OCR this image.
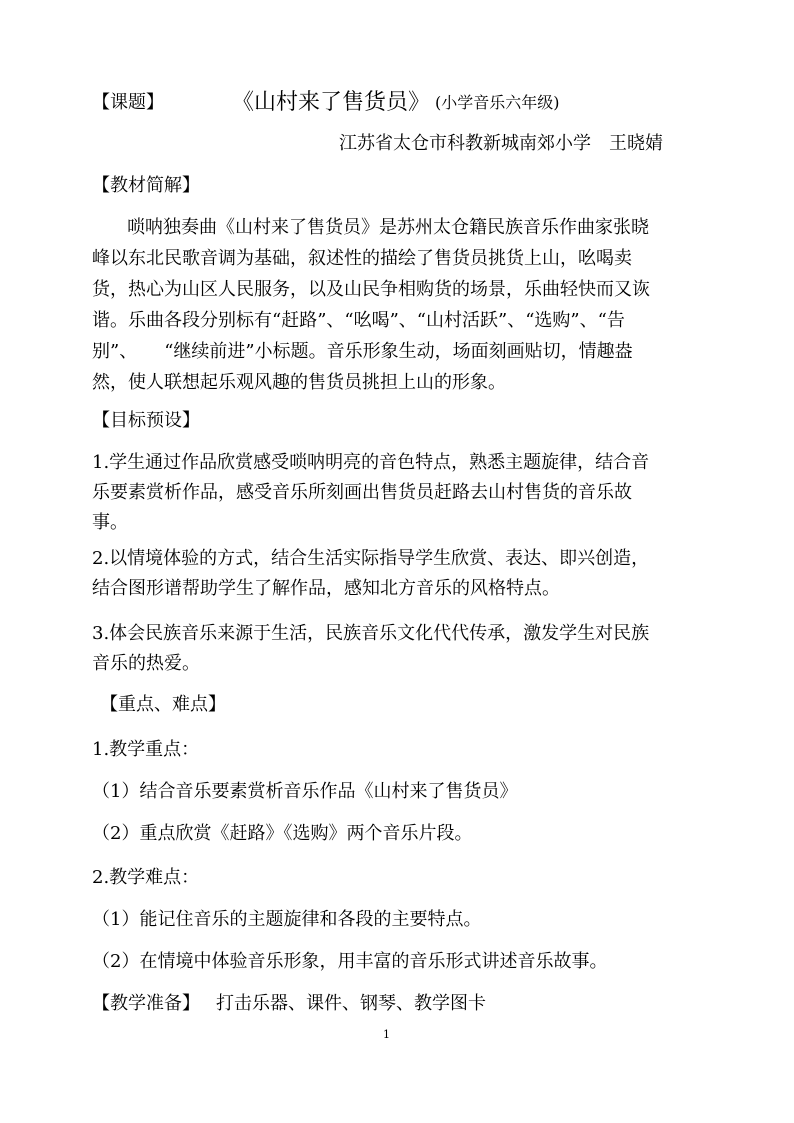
【课题】	《山村来了售货员》 (小学音乐六年级)
江苏省太仓市科教新城南郊小学　王晓婧
【教材简解】
唢呐独奏曲《山村来了售货员》是苏州太仓籍民族音乐作曲家张晓
峰以东北民歌音调为基础，叙述性的描绘了售货员挑货上山，吆喝卖
货，热心为山区人民服务，以及山民争相购货的场景，乐曲轻快而又诙
谐。乐曲各段分别标有“赶路”、“吆喝”、“山村活跃”、“选购”、“告
别”、　　“继续前进”小标题。音乐形象生动，场面刻画贴切，情趣盎
然，使人联想起乐观风趣的售货员挑担上山的形象。
【目标预设】
1.学生通过作品欣赏感受唢呐明亮的音色特点，熟悉主题旋律，结合音
乐要素赏析作品，感受音乐所刻画出售货员赶路去山村售货的音乐故
事。
2.以情境体验的方式，结合生活实际指导学生欣赏、表达、即兴创造，
结合图形谱帮助学生了解作品，感知北方音乐的风格特点。
3.体会民族音乐来源于生活，民族音乐文化代代传承，激发学生对民族
音乐的热爱。
【重点、难点】
1.教学重点：
（1）结合音乐要素赏析音乐作品《山村来了售货员》
（2）重点欣赏《赶路》《选购》两个音乐片段。
2.教学难点：
（1）能记住音乐的主题旋律和各段的主要特点。
（2）在情境中体验音乐形象，用丰富的音乐形式讲述音乐故事。
【教学准备】 打击乐器、课件、钢琴、教学图卡
1
